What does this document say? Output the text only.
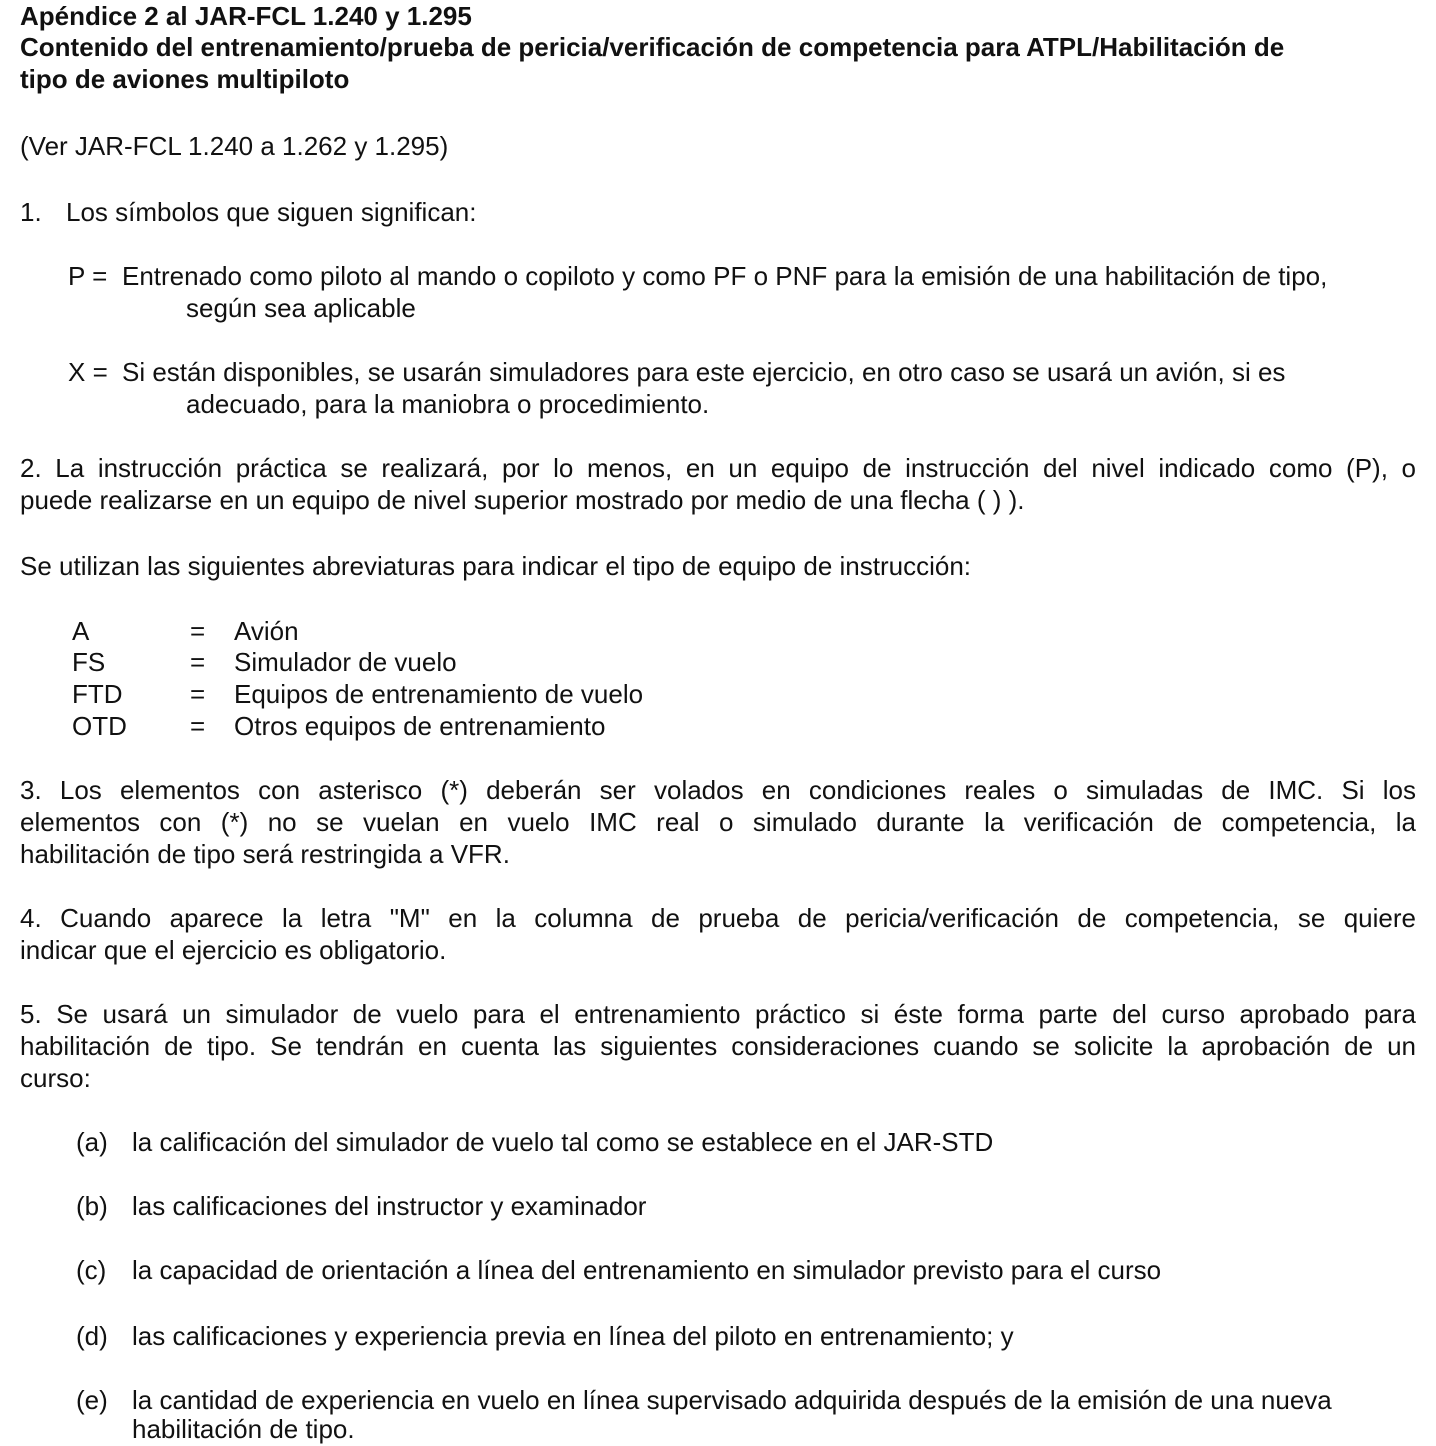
Apéndice 2 al JAR-FCL 1.240 y 1.295
Contenido del entrenamiento/prueba de pericia/verificación de competencia para ATPL/Habilitación de
tipo de aviones multipiloto
(Ver JAR-FCL 1.240 a 1.262 y 1.295)
1. Los símbolos que siguen significan:
P = Entrenado como piloto al mando o copiloto y como PF o PNF para la emisión de una habilitación de tipo,
según sea aplicable
X = Si están disponibles, se usarán simuladores para este ejercicio, en otro caso se usará un avión, si es
adecuado, para la maniobra o procedimiento.
2. La instrucción práctica se realizará, por lo menos, en un equipo de instrucción del nivel indicado como (P), o
puede realizarse en un equipo de nivel superior mostrado por medio de una flecha ( ) ).
Se utilizan las siguientes abreviaturas para indicar el tipo de equipo de instrucción:
A	= Avión
FS	= Simulador de vuelo
FTD	= Equipos de entrenamiento de vuelo
OTD = Otros equipos de entrenamiento
3. Los elementos con asterisco (*) deberán ser volados en condiciones reales o simuladas de IMC. Si los
elementos con (*) no se vuelan en vuelo IMC real o simulado durante la verificación de competencia, la
habilitación de tipo será restringida a VFR.
4. Cuando aparece la letra "M" en la columna de prueba de pericia/verificación de competencia, se quiere
indicar que el ejercicio es obligatorio.
5. Se usará un simulador de vuelo para el entrenamiento práctico si éste forma parte del curso aprobado para
habilitación de tipo. Se tendrán en cuenta las siguientes consideraciones cuando se solicite la aprobación de un
curso:
(a) la calificación del simulador de vuelo tal como se establece en el JAR-STD
(b) las calificaciones del instructor y examinador
(c) la capacidad de orientación a línea del entrenamiento en simulador previsto para el curso
(d) las calificaciones y experiencia previa en línea del piloto en entrenamiento; y
(e) la cantidad de experiencia en vuelo en línea supervisado adquirida después de la emisión de una nueva
habilitación de tipo.
